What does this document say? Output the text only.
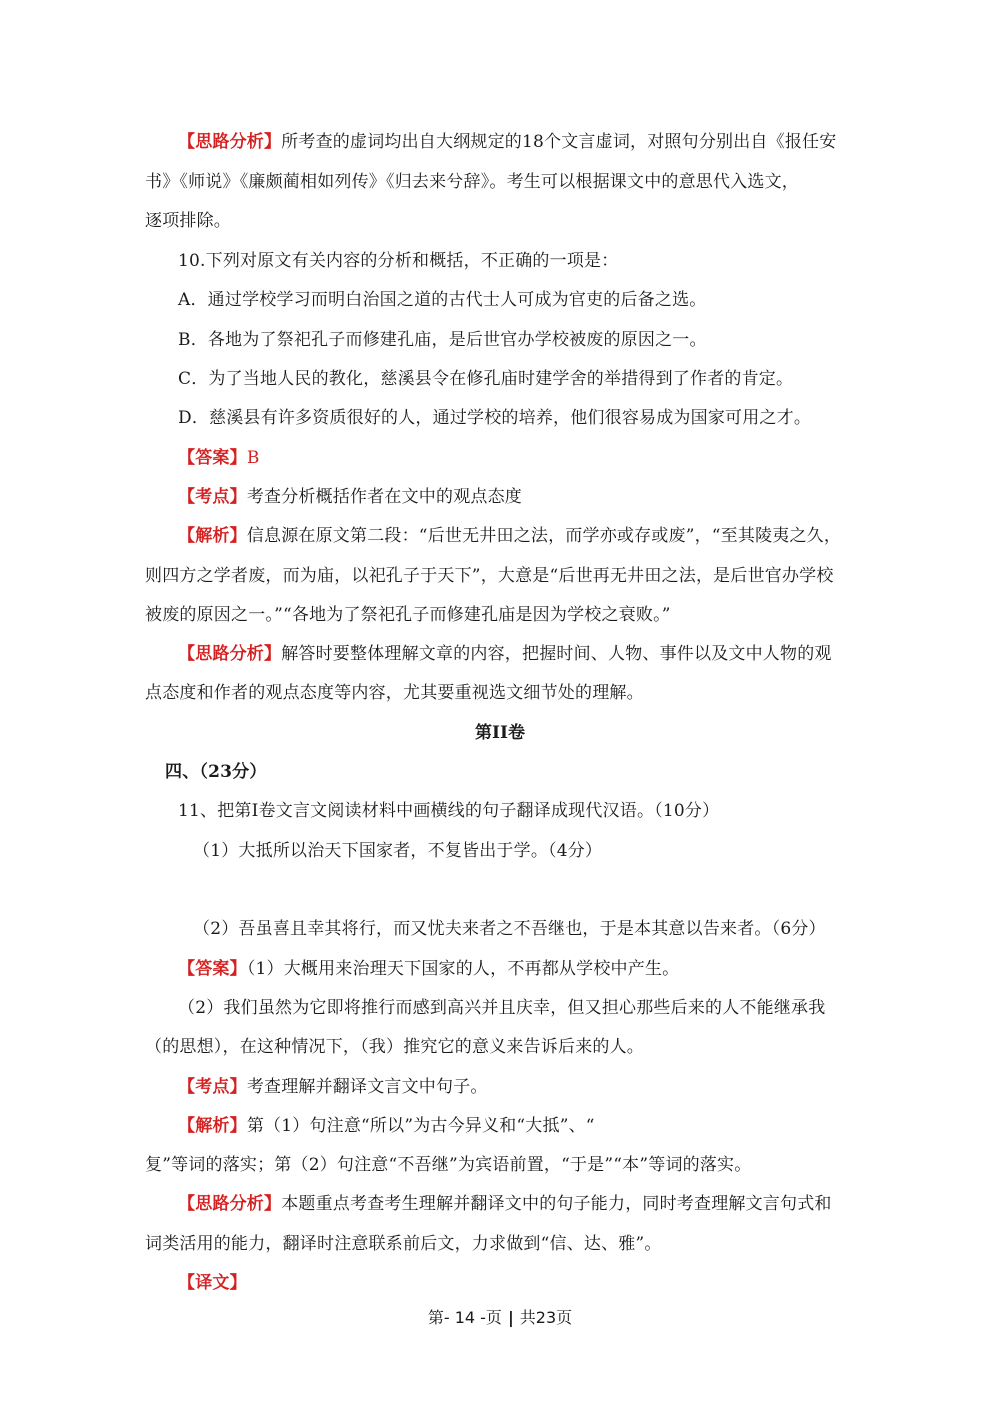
【思路分析】所考查的虚词均出自大纲规定的18个文言虚词，对照句分别出自《报任安
书》《师说》《廉颇蔺相如列传》《归去来兮辞》。考生可以根据课文中的意思代入选文，
逐项排除。
10.下列对原文有关内容的分析和概括，不正确的一项是：
A．通过学校学习而明白治国之道的古代士人可成为官吏的后备之选。
B．各地为了祭祀孔子而修建孔庙，是后世官办学校被废的原因之一。
C．为了当地人民的教化，慈溪县令在修孔庙时建学舍的举措得到了作者的肯定。
D．慈溪县有许多资质很好的人，通过学校的培养，他们很容易成为国家可用之才。
【答案】B
【考点】考查分析概括作者在文中的观点态度
【解析】信息源在原文第二段：“后世无井田之法，而学亦或存或废”，“至其陵夷之久，
则四方之学者废，而为庙，以祀孔子于天下”，大意是“后世再无井田之法，是后世官办学校
被废的原因之一。”“各地为了祭祀孔子而修建孔庙是因为学校之衰败。”
【思路分析】解答时要整体理解文章的内容，把握时间、人物、事件以及文中人物的观
点态度和作者的观点态度等内容，尤其要重视选文细节处的理解。
第II卷
四、（23分）
11、把第I卷文言文阅读材料中画横线的句子翻译成现代汉语。（10分）
（1）大抵所以治天下国家者，不复皆出于学。（4分）
（2）吾虽喜且幸其将行，而又忧夫来者之不吾继也，于是本其意以告来者。（6分）
【答案】（1）大概用来治理天下国家的人，不再都从学校中产生。
（2）我们虽然为它即将推行而感到高兴并且庆幸，但又担心那些后来的人不能继承我
（的思想），在这种情况下，（我）推究它的意义来告诉后来的人。
【考点】考查理解并翻译文言文中句子。
【解析】第（1）句注意“所以”为古今异义和“大抵”、“
复”等词的落实；第（2）句注意“不吾继”为宾语前置，“于是”“本”等词的落实。
【思路分析】本题重点考查考生理解并翻译文中的句子能力，同时考查理解文言句式和
词类活用的能力，翻译时注意联系前后文，力求做到“信、达、雅”。
【译文】
第- 14 -页 | 共23页
